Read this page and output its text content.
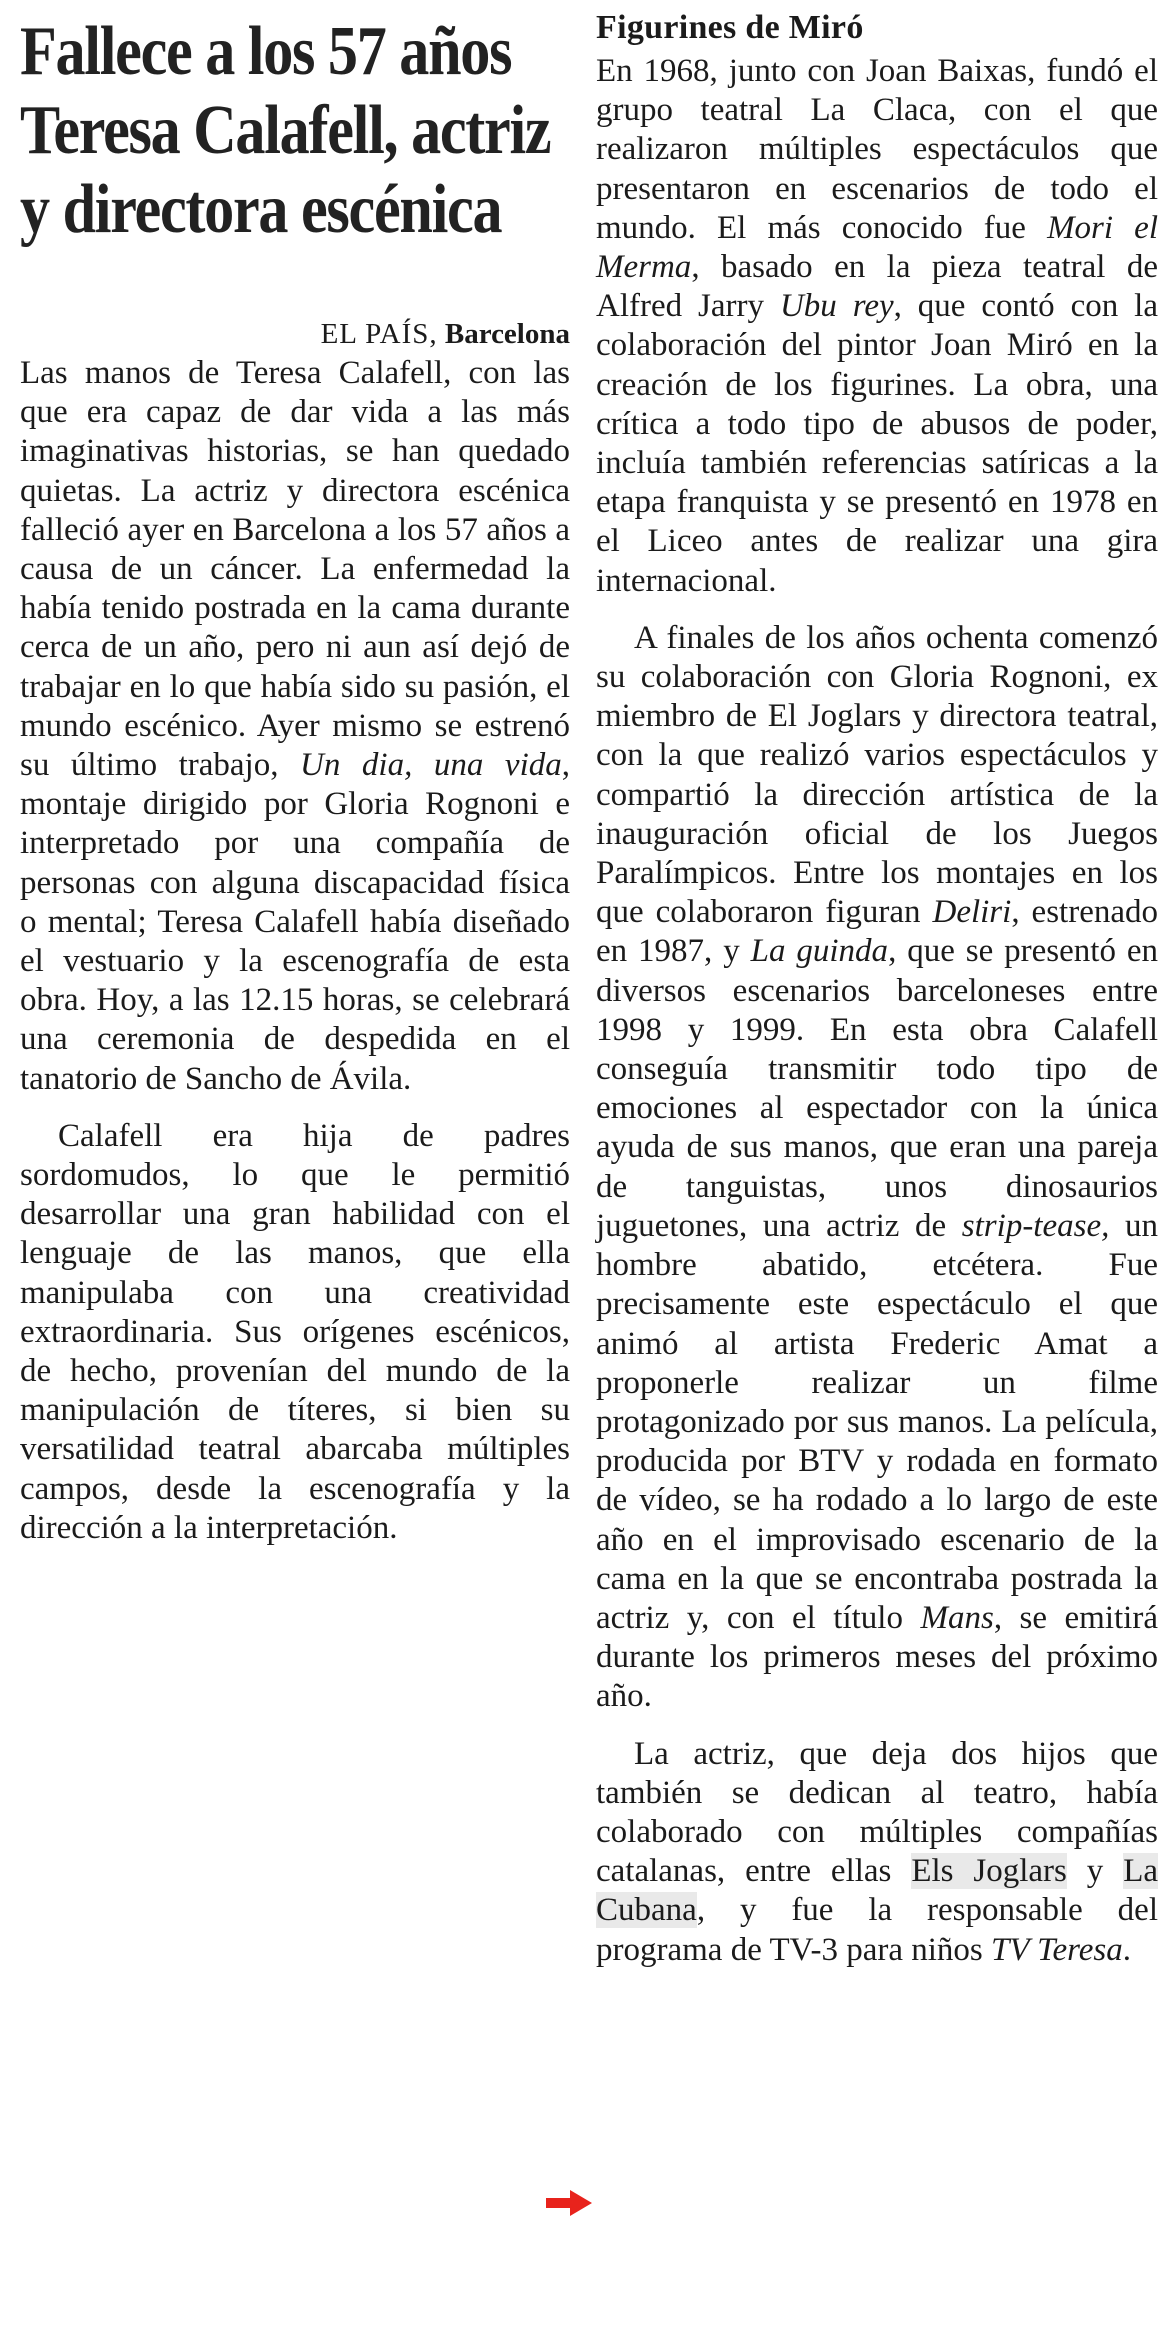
Fallece a los 57 años Teresa Calafell, actriz y directora escénica
EL PAÍS, Barcelona

Las manos de Teresa Calafell, con las que era capaz de dar vida a las más imaginativas historias, se han quedado quietas. La actriz y directora escénica falleció ayer en Barcelona a los 57 años a causa de un cáncer. La enfermedad la había tenido postrada en la cama durante cerca de un año, pero ni aun así dejó de trabajar en lo que había sido su pasión, el mundo escénico. Ayer mismo se estrenó su último trabajo, Un dia, una vida, montaje dirigido por Gloria Rognoni e interpretado por una compañía de personas con alguna discapacidad física o mental; Teresa Calafell había diseñado el vestuario y la escenografía de esta obra. Hoy, a las 12.15 horas, se celebrará una ceremonia de despedida en el tanatorio de Sancho de Ávila.

Calafell era hija de padres sordomudos, lo que le permitió desarrollar una gran habilidad con el lenguaje de las manos, que ella manipulaba con una creatividad extraordinaria. Sus orígenes escénicos, de hecho, provenían del mundo de la manipulación de títeres, si bien su versatilidad teatral abarcaba múltiples campos, desde la escenografía y la dirección a la interpretación.

Figurines de Miró

En 1968, junto con Joan Baixas, fundó el grupo teatral La Claca, con el que realizaron múltiples espectáculos que presentaron en escenarios de todo el mundo. El más conocido fue Mori el Merma, basado en la pieza teatral de Alfred Jarry Ubu rey, que contó con la colaboración del pintor Joan Miró en la creación de los figurines. La obra, una crítica a todo tipo de abusos de poder, incluía también referencias satíricas a la etapa franquista y se presentó en 1978 en el Liceo antes de realizar una gira internacional.

A finales de los años ochenta comenzó su colaboración con Gloria Rognoni, ex miembro de El Joglars y directora teatral, con la que realizó varios espectáculos y compartió la dirección artística de la inauguración oficial de los Juegos Paralímpicos. Entre los montajes en los que colaboraron figuran Deliri, estrenado en 1987, y La guinda, que se presentó en diversos escenarios barceloneses entre 1998 y 1999. En esta obra Calafell conseguía transmitir todo tipo de emociones al espectador con la única ayuda de sus manos, que eran una pareja de tanguistas, unos dinosaurios juguetones, una actriz de strip-tease, un hombre abatido, etcétera. Fue precisamente este espectáculo el que animó al artista Frederic Amat a proponerle realizar un filme protagonizado por sus manos. La película, producida por BTV y rodada en formato de vídeo, se ha rodado a lo largo de este año en el improvisado escenario de la cama en la que se encontraba postrada la actriz y, con el título Mans, se emitirá durante los primeros meses del próximo año.

La actriz, que deja dos hijos que también se dedican al teatro, había colaborado con múltiples compañías catalanas, entre ellas Els Joglars y La Cubana, y fue la responsable del programa de TV-3 para niños TV Teresa.
